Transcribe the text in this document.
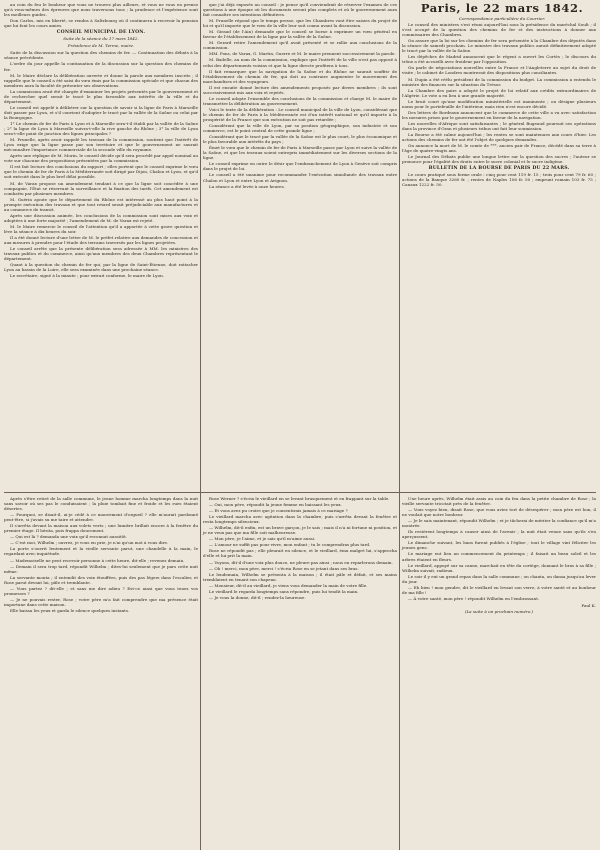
au coin du feu le bonheur que vous ne trouvez plus ailleurs, et vous ne vous en prenez qu'à vous-mêmes des épreuves que nous traversons tous ; la prudence et l'expérience sont les meilleurs guides.

Don Carlos, mis en liberté, se rendra à Saltzbourg où il continuera à recevoir la pension que lui font les cours amies.

CONSEIL MUNICIPAL DE LYON.

Suite de la séance du 17 mars 1842.

Présidence de M. Terme, maire.

Suite de la discussion sur la question des chemins de fer. — Continuation des débats à la séance précédente.

L'ordre du jour appelle la continuation de la discussion sur la question des chemins de fer.

M. le Maire déclare la délibération ouverte et donne la parole aux membres inscrits ; il rappelle que le conseil a été saisi du vœu émis par la commission spéciale et que chacun des membres aura la faculté de présenter ses observations.

La commission avait été chargée d'examiner les projets présentés par le gouvernement et de rechercher quel serait le tracé le plus favorable aux intérêts de la ville et du département.

Le conseil est appelé à délibérer sur la question de savoir si la ligne de Paris à Marseille doit passer par Lyon, et s'il convient d'adopter le tracé par la vallée de la Saône ou celui par la Bourgogne.

1° Le chemin de fer de Paris à Lyon et à Marseille sera-t-il établi par la vallée de la Saône ; 2° la ligne de Lyon à Marseille suivra-t-elle la rive gauche du Rhône ; 3° la ville de Lyon sera-t-elle point de jonction des lignes principales ?

M. Prunelle, après avoir rappelé les travaux de la commission, soutient que l'intérêt de Lyon exige que la ligne passe par son territoire et que le gouvernement ne saurait méconnaître l'importance commerciale de la seconde ville du royaume.

Après une réplique de M. Morin, le conseil décide qu'il sera procédé par appel nominal au vote sur chacune des propositions présentées par la commission.

Il est fait lecture des conclusions du rapport ; elles portent que le conseil exprime le vœu que le chemin de fer de Paris à la Méditerranée soit dirigé par Dijon, Chalon et Lyon, et qu'il soit exécuté dans le plus bref délai possible.

M. de Varax propose un amendement tendant à ce que la ligne soit concédée à une compagnie, l'État se réservant la surveillance et la fixation des tarifs. Cet amendement est combattu par plusieurs membres.

M. Guérin ajoute que le département du Rhône est intéressé au plus haut point à la prompte exécution des travaux et que tout retard serait préjudiciable aux manufactures et au commerce de transit.

Après une discussion animée, les conclusions de la commission sont mises aux voix et adoptées à une forte majorité ; l'amendement de M. de Varax est rejeté.

M. le Maire remercie le conseil de l'attention qu'il a apportée à cette grave question et lève la séance à dix heures du soir.

Il a été donné lecture d'une lettre de M. le préfet relative aux demandes de concession et aux mesures à prendre pour l'étude des terrains traversés par les lignes projetées.

Le conseil arrête que la présente délibération sera adressée à MM. les ministres des travaux publics et du commerce, ainsi qu'aux membres des deux Chambres représentant le département.

Quant à la question du chemin de fer qui, par la ligne de Saint-Étienne, doit rattacher Lyon au bassin de la Loire, elle sera examinée dans une prochaine séance.

Le secrétaire, signé à la minute ; pour extrait conforme, le maire de Lyon.

que j'ai déjà exposée au conseil : je pense qu'il conviendrait de réserver l'examen de ces questions à une époque où les documents seront plus complets et où le gouvernement aura fait connaître ses intentions définitives.

M. Prunelle répond que le temps presse, que les Chambres vont être saisies du projet de loi et qu'il importe que le vœu de la ville leur soit connu avant la discussion.

M. Giraud (de l'Ain) demande que le conseil se borne à exprimer un vœu général en faveur de l'établissement de la ligne par la vallée de la Saône.

M. Gerard retire l'amendement qu'il avait présenté et se rallie aux conclusions de la commission.

MM. Pons, de Varax, G. Martin, Guerre et M. le maire prennent successivement la parole.

M. Badelle, au nom de la commission, explique que l'intérêt de la ville n'est pas opposé à celui des départements voisins et que la ligne directe profitera à tous.

Il fait remarquer que la navigation de la Saône et du Rhône ne saurait souffrir de l'établissement du chemin de fer, qui doit au contraire augmenter le mouvement des marchandises et des voyageurs.

Il est ensuite donné lecture des amendements proposés par divers membres ; ils sont successivement mis aux voix et rejetés.

Le conseil adopte l'ensemble des conclusions de la commission et charge M. le maire de transmettre la délibération au gouvernement.

Voici le texte de la délibération : Le conseil municipal de la ville de Lyon, considérant que le chemin de fer de Paris à la Méditerranée est d'un intérêt national et qu'il importe à la prospérité de la France que son exécution ne soit pas retardée ;

Considérant que la ville de Lyon, par sa position géographique, son industrie et son commerce, est le point central de cette grande ligne ;

Considérant que le tracé par la vallée de la Saône est le plus court, le plus économique et le plus favorable aux intérêts du pays ;

Émet le vœu que le chemin de fer de Paris à Marseille passe par Lyon et suive la vallée de la Saône, et que les travaux soient entrepris immédiatement sur les diverses sections de la ligne.

Le conseil exprime en outre le désir que l'embranchement de Lyon à Genève soit compris dans le projet de loi.

Le conseil a été unanime pour recommander l'exécution simultanée des travaux entre Chalon et Lyon et entre Lyon et Avignon.

La séance a été levée à onze heures.

Paris, le 22 mars 1842.

Correspondance particulière du Courrier.

Le conseil des ministres s'est réuni aujourd'hui sous la présidence du maréchal Soult ; il s'est occupé de la question des chemins de fer et des instructions à donner aux commissaires des Chambres.

On assure que la loi sur les chemins de fer sera présentée à la Chambre des députés dans la séance de samedi prochain. Le ministre des travaux publics aurait définitivement adopté le tracé par la vallée de la Saône.

Les dépêches de Madrid annoncent que le régent a ouvert les Cortès ; le discours du trône a été accueilli avec froideur par l'opposition.

On parle de négociations nouvelles entre la France et l'Angleterre au sujet du droit de visite ; le cabinet de Londres montrerait des dispositions plus conciliantes.

M. Dupin a été réélu président de la commission du budget. La commission a entendu le ministre des finances sur la situation du Trésor.

La Chambre des pairs a adopté le projet de loi relatif aux crédits extraordinaires de l'Algérie. Le vote a eu lieu à une grande majorité.

Le bruit court qu'une modification ministérielle est imminente ; on désigne plusieurs noms pour le portefeuille de l'intérieur, mais rien n'est encore décidé.

Des lettres de Bordeaux annoncent que le commerce de cette ville a vu avec satisfaction les mesures prises par le gouvernement en faveur de la navigation.

Les nouvelles d'Afrique sont satisfaisantes ; le général Bugeaud poursuit ses opérations dans la province d'Oran et plusieurs tribus ont fait leur soumission.

La Bourse a été calme aujourd'hui ; les rentes se sont maintenues aux cours d'hier. Les actions des chemins de fer ont été l'objet de quelques demandes.

On annonce la mort de M. le comte de ***, ancien pair de France, décédé dans sa terre à l'âge de quatre-vingts ans.

Le Journal des Débats publie une longue lettre sur la question des sucres ; l'auteur se prononce pour l'égalité des droits entre le sucre colonial et le sucre indigène.

BULLETIN DE LA BOURSE DE PARIS DU 22 MARS.

Le cours pratiqué sous forme orale : cinq pour cent 119 fr. 15 ; trois pour cent 79 fr. 60 ; actions de la Banque 3260 fr. ; rentes de Naples 106 fr. 50 ; emprunt romain 103 fr. 75 ; Canaux 1222 fr. 50.

Après s'être retiré de la salle commune, le jeune homme marcha longtemps dans la nuit sans savoir où ses pas le conduisaient ; la pluie tombait fine et froide et les rues étaient désertes.

— Pourquoi, se disait-il, ai-je cédé à ce mouvement d'orgueil ? elle m'aurait pardonné peut-être, si j'avais su me taire et attendre.

Il s'arrêta devant la maison aux volets verts ; une lumière brillait encore à la fenêtre du premier étage. Il hésita, puis frappa doucement.

— Qui est là ? demanda une voix qu'il reconnut aussitôt.

— C'est moi, Wilhelm ; ouvrez, je vous en prie, je n'ai qu'un mot à vous dire.

La porte s'ouvrit lentement et la vieille servante parut, une chandelle à la main, le regardant avec inquiétude.

— Mademoiselle ne peut recevoir personne à cette heure, dit-elle ; revenez demain.

— Demain il sera trop tard, répondit Wilhelm ; dites-lui seulement que je pars cette nuit même.

La servante monta ; il entendit des voix étouffées, puis des pas légers dans l'escalier, et Rose parut devant lui, pâle et tremblante.

— Vous partez ? dit-elle ; et sans me dire adieu ? Est-ce ainsi que vous tenez vos promesses ?

— Je ne pouvais rester, Rose ; votre père m'a fait comprendre que ma présence était importune dans cette maison.

Elle baissa les yeux et garda le silence quelques instants.

Rose Werner ? s'écria le vieillard en se levant brusquement et en frappant sur la table.

— Oui, mon père, répondit la jeune femme en baissant les yeux.

— Et vous avez pu croire que je consentirais jamais à ce mariage ?

Le vieillard marcha avec agitation dans la chambre, puis s'arrêta devant la fenêtre et resta longtemps silencieux.

— Wilhelm, dit-il enfin, est un brave garçon, je le sais ; mais il n'a ni fortune ni position, et je ne veux pas que ma fille soit malheureuse.

— Mon père, je l'aime, et je sais qu'il m'aime aussi.

— L'amour ne suffit pas pour vivre, mon enfant ; tu le comprendras plus tard.

Rose ne répondit pas ; elle pleurait en silence, et le vieillard, ému malgré lui, s'approcha d'elle et lui prit la main.

— Voyons, dit-il d'une voix plus douce, ne pleure pas ainsi ; nous en reparlerons demain.

— Oh ! merci, mon père, merci ! s'écria Rose en se jetant dans ses bras.

Le lendemain, Wilhelm se présenta à la maison ; il était pâle et défait, et ses mains tremblaient en tenant son chapeau.

— Monsieur, dit-il au vieillard, je viens vous demander la main de votre fille.

Le vieillard le regarda longtemps sans répondre, puis lui tendit la main.

— Je vous la donne, dit-il ; rendez-la heureuse.

Une heure après, Wilhelm était assis au coin du feu dans la petite chambre de Rose ; la vieille servante tricotait près de la fenêtre.

— Vous voyez bien, disait Rose, que vous aviez tort de désespérer ; mon père est bon, il ne voulait que notre bonheur.

— Je le sais maintenant, répondit Wilhelm ; et je tâcherai de mériter la confiance qu'il m'a montrée.

Ils restèrent longtemps à causer ainsi de l'avenir ; la nuit était venue sans qu'ils s'en aperçussent.

Le dimanche suivant, les bans furent publiés à l'église ; tout le village vint féliciter les jeunes gens.

Le mariage eut lieu au commencement du printemps ; il faisait un beau soleil et les arbres étaient en fleurs.

Le vieillard, appuyé sur sa canne, marchait en tête du cortège, donnant le bras à sa fille ; Wilhelm suivait, radieux.

Le soir il y eut un grand repas dans la salle commune ; on chanta, on dansa jusqu'au lever du jour.

— Eh bien ! mon gendre, dit le vieillard en levant son verre, à votre santé et au bonheur de ma fille !

— À votre santé, mon père ! répondit Wilhelm en l'embrassant.

Paul K.

(La suite à un prochain numéro.)
